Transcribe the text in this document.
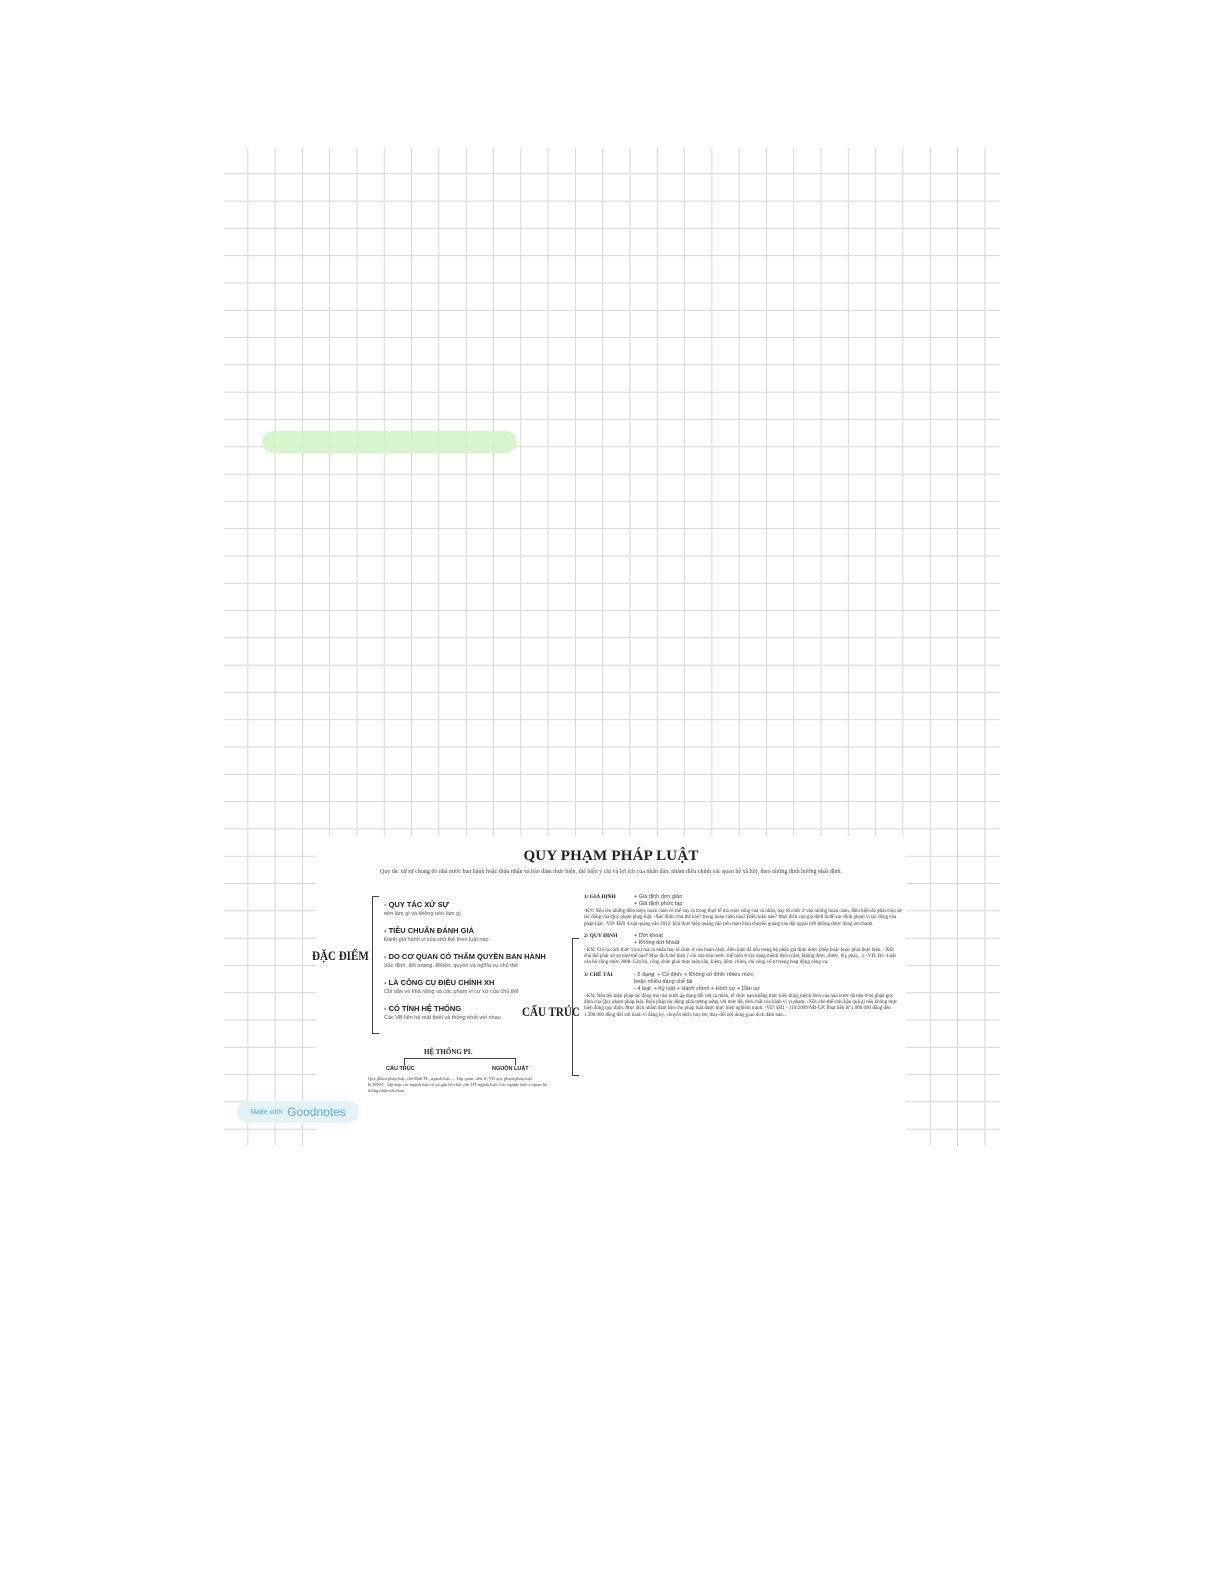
QUY PHẠM PHÁP LUẬT
Quy tắc xử sự chung do nhà nước ban hành hoặc thừa nhận và bảo đảm thực hiện, thể hiện ý chí và lợi ích của nhân dân, nhằm điều chỉnh các quan hệ xã hội, theo những định hướng nhất định.
ĐẶC ĐIỂM
- QUY TẮC XỬ SỰ
nên làm gì và không nên làm gì
- TIÊU CHUẨN ĐÁNH GIÁ
Đánh giá hành vi của chủ thể theo luật nào
- DO CƠ QUAN CÓ THẨM QUYỀN BAN HÀNH
Xác định, đối tượng, ĐKiện, quyền và nghĩa vụ chủ thể
- LÀ CÔNG CỤ ĐIỀU CHỈNH XH
Chỉ dẫn về khả năng và các phạm vi cư xử của chủ thể
- CÓ TÍNH HỆ THỐNG
Các VB liên hệ mật thiết và thống nhất với nhau
HỆ THỐNG PL
CẤU TRÚC	NGUỒN LUẬT
Quy phạm pháp luật, chế định PL, ngành luật — Tập quán, tiền lệ, VB quy phạm pháp luật. K.TRÚC: Tập hợp các ngành luật có sự gắn bó chặt chẽ. HT ngành luật: Các ngành luật có quan hệ thống nhất với nhau.
CẤU TRÚC
1/ GIẢ ĐỊNH	+ Giả định đơn giản
+ Giả định phức tạp
-KN: Nêu lên những điều kiện, hoàn cảnh có thể xảy ra trong thực tế mà cuộc sống của cá nhân, hay tổ chức ở vào những hoàn cảnh, điều kiện đó phải chịu sự tác động của Quy phạm pháp luật. -Xác định: chủ thể nào? trong hoàn cảnh nào? Điều kiện nào? Mục đích của giả định là để xác định phạm vi tác động của pháp luật. -VD: Đ20 -Luật quảng cáo 2012: Khi thực hiện quảng cáo trên màn hình chuyên quảng cáo đặt ngoài trời không được dùng âm thanh.
2/ QUY ĐỊNH	+ Dứt khoát
+ Không dứt khoát
- KN: Chỉ ra cách thức xử sự mà cá nhân hay tổ chức ở vào hoàn cảnh, điều kiện đã nêu trong bộ phận giả định được phép hoặc buộc phải thực hiện. - XĐ: chủ thể phải xử sự như thế nào? Mục đích thể hiện ý chí của nhà nước; thể hiện ở các dạng mệnh lệnh (cấm, không được, được, thì, phải,...). -VD: Đ3 -Luật cán bộ công chức 2008: Cán bộ, công chức phải thực hiện cần, kiệm, liêm, chính, chí công vô tư trong hoạt động công vụ.
3/ CHẾ TÀI	- 2 dạng: + Cố định; + Không cố định: nhiều mức,
hoặc nhiều dạng chế tài
- 4 loại: + Kỷ luật + Hành chính + Hình sự + Dân sự
- KN: Nêu lên biện pháp tác động mà nhà nước áp dụng đối với cá nhân, tổ chức nào không thực hiện đúng mệnh lệnh của nhà nước đã nêu ở bộ phận quy định của Quy phạm pháp luật. Biện pháp tác động phải tương xứng với mức độ, tính chất của hành vi vi phạm. -XĐ: chủ thể chịu hậu quả gì nếu không thực hiện đúng quy định. Mục đích nhằm đảm bảo cho pháp luật được thực hiện nghiêm minh. -VD: Đ51 - 110/2009/NĐ-CP: Phạt tiền từ 1.000.000 đồng đến 1.500.000 đồng đối với hành vi đăng ký, chuyển dịch, hủy bỏ, thay đổi nội dung giao dịch đảm bảo...
Made with Goodnotes
